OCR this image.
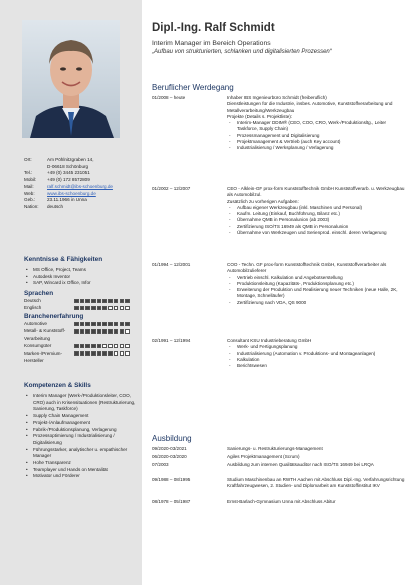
Ort:	Am Pöhlnitzgraben 14,
D-06618 Schönburg
Tel.:	+49 (0) 3445 231051
Mobil:	+49 (0) 172 8572809
Mail:	ralf.schmidt@ibs-schoenburg.de
Web:	www.ibs-schoenburg.de
Geb.:	23.11.1966 in Unna
Nation:	deutsch
Kenntnisse & Fähigkeiten
• MS Office, Project, Teams
• Autodesk Inventor
• SAP, Wincard ix Office, Infor
Sprachen
Deutsch
Englisch
Branchenerfahrung
Automotive
Metall- & Kunststoff-
Verarbeitung
Konsumgüter
Marken-/Premium-
Hersteller
Kompetenzen & Skills
• Interim Manager (Werk-/Produktionsleiter, COO, CRO) auch in Krisensituationen (Restrukturierung, Sanierung, Taskforce)
• Supply Chain Management
• Projekt-/Anlaufmanagement
• Fabrik-/Produktionsplanung, Verlagerung
• Prozessoptimierung / Industrialisierung / Digitalisierung
• Führungsstarker, analytischer u. empathischer Manager
• Hohe Transparenz
• Teamplayer und Hands on Mentalität
• Motivator und Förderer
Dipl.-Ing. Ralf Schmidt
Interim Manager im Bereich Operations
„Aufbau von strukturierten, schlanken und digitalisierten Prozessen“
Beruflicher Werdegang
01/2008 – heute	Inhaber IBS Ingenieurbüro Schmidt (freiberuflich)
Dienstleistungen für die Industrie, insbes. Automotive, Kunststoffverarbeitung und Metallverarbeitung/Werkzeugbau
Projekte (Details s. Projektliste):
- Interim-Manager DDIM® (CEO, COO, CRO, Werk-/Produktionsltg., Leiter Taskforce, Supply Chain)
- Prozessmanagement und Digitalisierung
- Projektmanagement & Vertrieb (auch Key account)
- Industrialisierung / Werksplanung / Verlagerung
01/2002 – 12/2007	CEO - Alklein-GF prox-form Kunststofftechnik GmbH Kunststoffverarb. u. Werkzeugbau als Automobilzul.
Zusätzlich zu vorherigen Aufgaben:
- Aufbau eigener Werkzeugbau (inkl. Maschinen und Personal)
- Kaufm. Leitung (Einkauf, Buchführung, Bilanz etc.)
- Übernahme QMB in Personalunion (ab 2003)
- Zertifizierung ISO/TS 16949 als QMB in Personalunion
- Übernahme von Werkzeugen und Serienprod. einschl. deren Verlagerung
01/1994 – 12/2001	COO - Techn. GF prox-form Kunststofftechnik GmbH, Kunststoffverarbeiter als Automobilzulieferer
- Vertrieb einschl. Kalkulation und Angebotserstellung
- Produktionsleitung (Kapazitäts-, Produktionsplanung etc.)
- Erweiterung der Produktion und Realisierung neuer Techniken (neue Halle, 2K, Montage, Schnelläufer)
- Zertifizierung nach VDA, QS 9000
02/1991 – 12/1994	Consultant KSU Industrieberatung GmbH
- Werk- und Fertigungsplanung
- Industrialisierung (Automation v. Produktions- und Montageanlagen)
- Kalkulation
- Berichtswesen
Ausbildung
09/2020-03/2021	Sanierungs- u. Restrukturierungs-Management
06/2020-03/2020	Agiles Projektmanagement (Scrum)
07/2003	Ausbildung zum internen Qualitätsauditor nach ISO/TS 16949 bei LRQA
09/1988 – 08/1995	Studium Maschinenbau an RWTH Aachen mit Abschluss Dipl.-Ing. Verfahrungsrichtung Kraftfahrzeugwesen, 2. Studien- und Diplomarbeit am Kunststoffinstitut IKV
08/1978 – 05/1987	Ernst-Barlach-Gymnasium Unna mit Abschluss Abitur
